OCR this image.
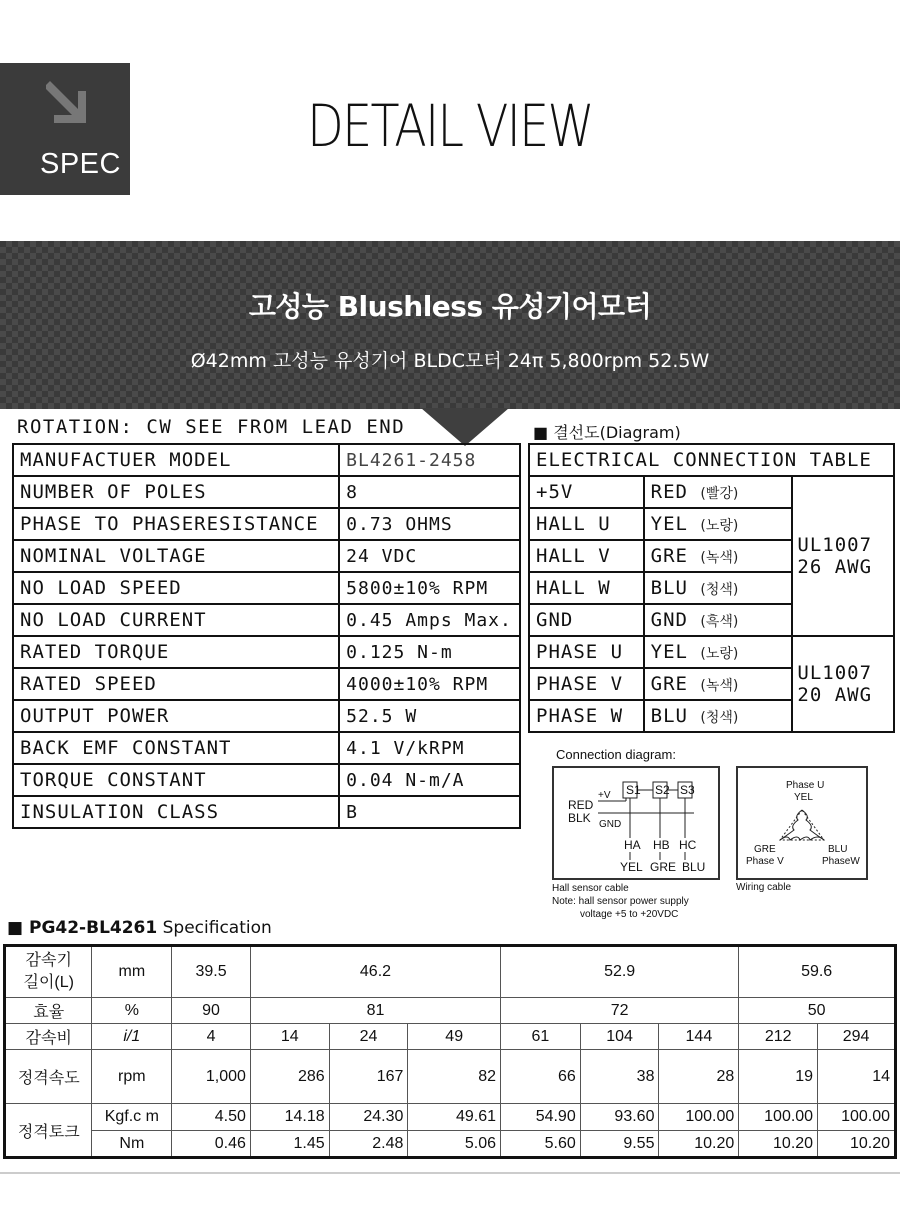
SPEC
DETAIL VIEW
고성능 Blushless 유성기어모터
Ø42mm 고성능 유성기어 BLDC모터 24π 5,800rpm 52.5W
ROTATION: CW SEE FROM LEAD END
MANUFACTUER MODEL	BL4261-2458
NUMBER OF POLES	8
PHASE TO PHASERESISTANCE	0.73 OHMS
NOMINAL VOLTAGE	24 VDC
NO LOAD SPEED	5800±10% RPM
NO LOAD CURRENT	0.45 Amps Max.
RATED TORQUE	0.125 N-m
RATED SPEED	4000±10% RPM
OUTPUT POWER	52.5 W
BACK EMF CONSTANT	4.1 V/kRPM
TORQUE CONSTANT	0.04 N-m/A
INSULATION CLASS	B
■ 결선도(Diagram)
ELECTRICAL CONNECTION TABLE		
+5V	RED (빨강)	UL1007
26 AWG

HALL U	YEL (노랑)	
HALL V	GRE (녹색)	
HALL W	BLU (청색)	
GND	GND (흑색)	
PHASE U	YEL (노랑)	UL1007
20 AWG

PHASE V	GRE (녹색)	
PHASE W	BLU (청색)	
Connection diagram:
+V
RED
BLK GND
S1 S2 S3
HA HB HC
YEL GRE BLU
Phase U
YEL
GRE
Phase V
BLU
PhaseW
Hall sensor cable
Note: hall sensor power supply
voltage +5 to +20VDC
Wiring cable
■ PG42-BL4261 Specification
감속기
길이(L)	mm	39.5	46.2			52.9			59.6	
효율	%	90	81			72			50	
감속비	i/1	4	14	24	49	61	104	144	212	294
정격속도	rpm	1,000	286	167	82	66	38	28	19	14
정격토크	Kgf.c m	4.50	14.18	24.30	49.61	54.90	93.60	100.00	100.00	100.00
	Nm	0.46	1.45	2.48	5.06	5.60	9.55	10.20	10.20	10.20
